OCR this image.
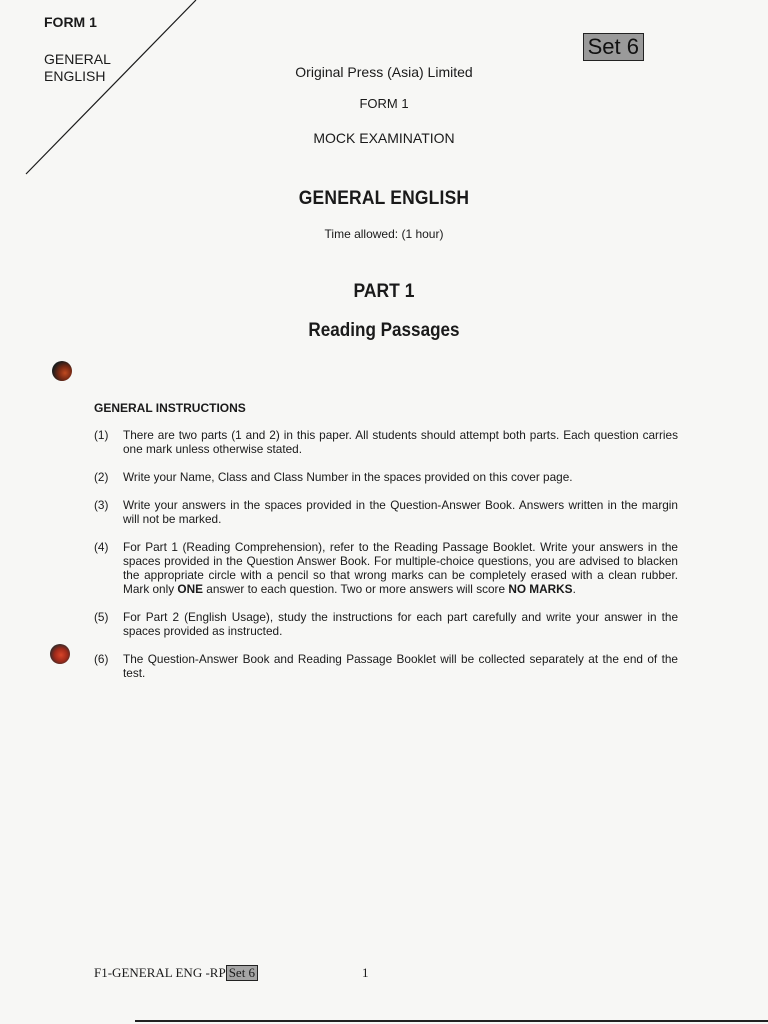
FORM 1
GENERAL
ENGLISH
Set 6
Original Press (Asia) Limited
FORM 1
MOCK EXAMINATION
GENERAL ENGLISH
Time allowed: (1 hour)
PART 1
Reading Passages
GENERAL INSTRUCTIONS
(1)	There are two parts (1 and 2) in this paper. All students should attempt both parts. Each question carries one mark unless otherwise stated.
(2)	Write your Name, Class and Class Number in the spaces provided on this cover page.
(3)	Write your answers in the spaces provided in the Question-Answer Book. Answers written in the margin will not be marked.
(4)	For Part 1 (Reading Comprehension), refer to the Reading Passage Booklet. Write your answers in the spaces provided in the Question Answer Book. For multiple-choice questions, you are advised to blacken the appropriate circle with a pencil so that wrong marks can be completely erased with a clean rubber. Mark only ONE answer to each question. Two or more answers will score NO MARKS.
(5)	For Part 2 (English Usage), study the instructions for each part carefully and write your answer in the spaces provided as instructed.
(6)	The Question-Answer Book and Reading Passage Booklet will be collected separately at the end of the test.
F1-GENERAL ENG -RP Set 6	1
